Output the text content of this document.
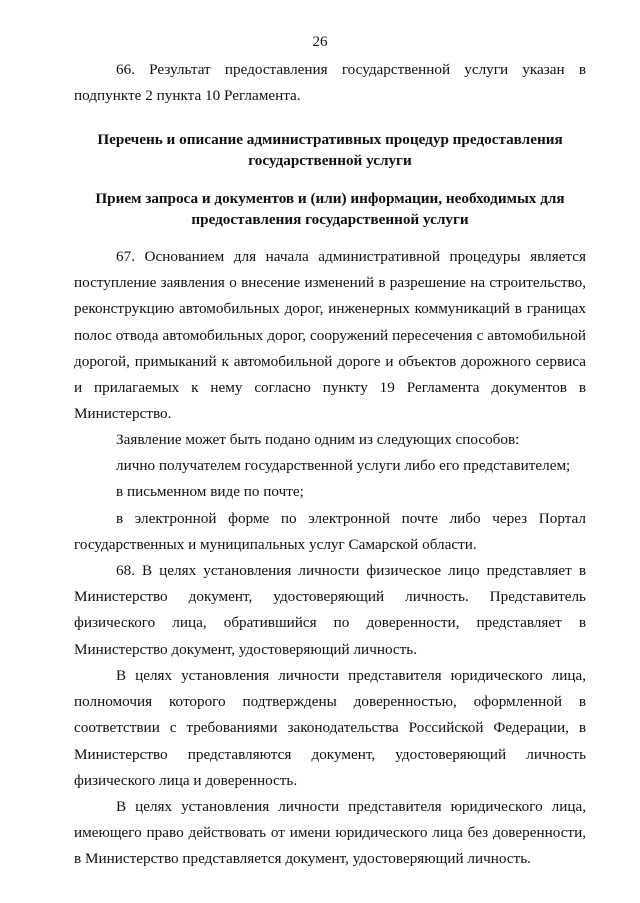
26

66. Результат предоставления государственной услуги указан в подпункте 2 пункта 10 Регламента.

Перечень и описание административных процедур предоставления государственной услуги

Прием запроса и документов и (или) информации, необходимых для предоставления государственной услуги

67. Основанием для начала административной процедуры является поступление заявления о внесение изменений в разрешение на строительство, реконструкцию автомобильных дорог, инженерных коммуникаций в границах полос отвода автомобильных дорог, сооружений пересечения с автомобильной дорогой, примыканий к автомобильной дороге и объектов дорожного сервиса и прилагаемых к нему согласно пункту 19 Регламента документов в Министерство.

Заявление может быть подано одним из следующих способов:

лично получателем государственной услуги либо его представителем;

в письменном виде по почте;

в электронной форме по электронной почте либо через Портал государственных и муниципальных услуг Самарской области.

68. В целях установления личности физическое лицо представляет в Министерство документ, удостоверяющий личность. Представитель физического лица, обратившийся по доверенности, представляет в Министерство документ, удостоверяющий личность.

В целях установления личности представителя юридического лица, полномочия которого подтверждены доверенностью, оформленной в соответствии с требованиями законодательства Российской Федерации, в Министерство представляются документ, удостоверяющий личность физического лица и доверенность.

В целях установления личности представителя юридического лица, имеющего право действовать от имени юридического лица без доверенности, в Министерство представляется документ, удостоверяющий личность.
